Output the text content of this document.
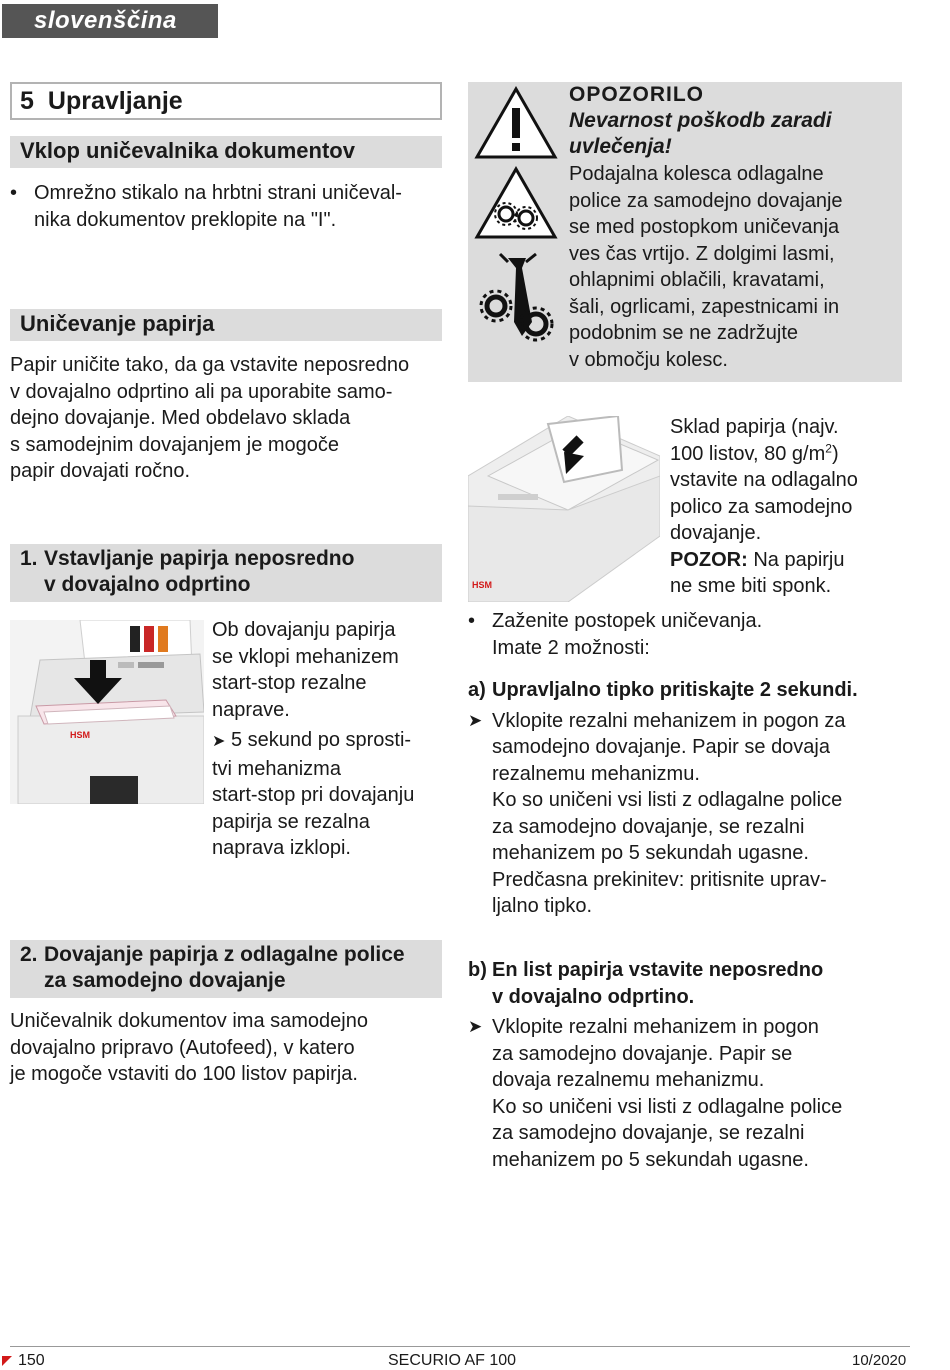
slovenščina
5 Upravljanje
Vklop uničevalnika dokumentov
• Omrežno stikalo na hrbtni strani uničeval-
nika dokumentov preklopite na "I".
Uničevanje papirja
Papir uničite tako, da ga vstavite neposredno
v dovajalno odprtino ali pa uporabite samo-
dejno dovajanje. Med obdelavo sklada
s samodejnim dovajanjem je mogoče
papir dovajati ročno.
1. Vstavljanje papirja neposredno
v dovajalno odprtino
HSM
Ob dovajanju papirja
se vklopi mehanizem
start-stop rezalne
naprave.
➤ 5 sekund po sprosti-
tvi mehanizma
start-stop pri dovajanju
papirja se rezalna
naprava izklopi.
2. Dovajanje papirja z odlagalne police
za samodejno dovajanje
Uničevalnik dokumentov ima samodejno
dovajalno pripravo (Autofeed), v katero
je mogoče vstaviti do 100 listov papirja.
OPOZORILO
Nevarnost poškodb zaradi
uvlečenja!
Podajalna kolesca odlagalne
police za samodejno dovajanje
se med postopkom uničevanja
ves čas vrtijo. Z dolgimi lasmi,
ohlapnimi oblačili, kravatami,
šali, ogrlicami, zapestnicami in
podobnim se ne zadržujte
v območju kolesc.
HSM
Sklad papirja (najv.
100 listov, 80 $g/m^2$)
vstavite na odlagalno
polico za samodejno
dovajanje.
POZOR: Na papirju
ne sme biti sponk.
• Zaženite postopek uničevanja.
Imate 2 možnosti:
a) Upravljalno tipko pritiskajte 2 sekundi.
➤ Vklopite rezalni mehanizem in pogon za
samodejno dovajanje. Papir se dovaja
rezalnemu mehanizmu.
Ko so uničeni vsi listi z odlagalne police
za samodejno dovajanje, se rezalni
mehanizem po 5 sekundah ugasne.
Predčasna prekinitev: pritisnite uprav-
ljalno tipko.
b) En list papirja vstavite neposredno
v dovajalno odprtino.
➤ Vklopite rezalni mehanizem in pogon
za samodejno dovajanje. Papir se
dovaja rezalnemu mehanizmu.
Ko so uničeni vsi listi z odlagalne police
za samodejno dovajanje, se rezalni
mehanizem po 5 sekundah ugasne.
150	SECURIO AF 100	10/2020
